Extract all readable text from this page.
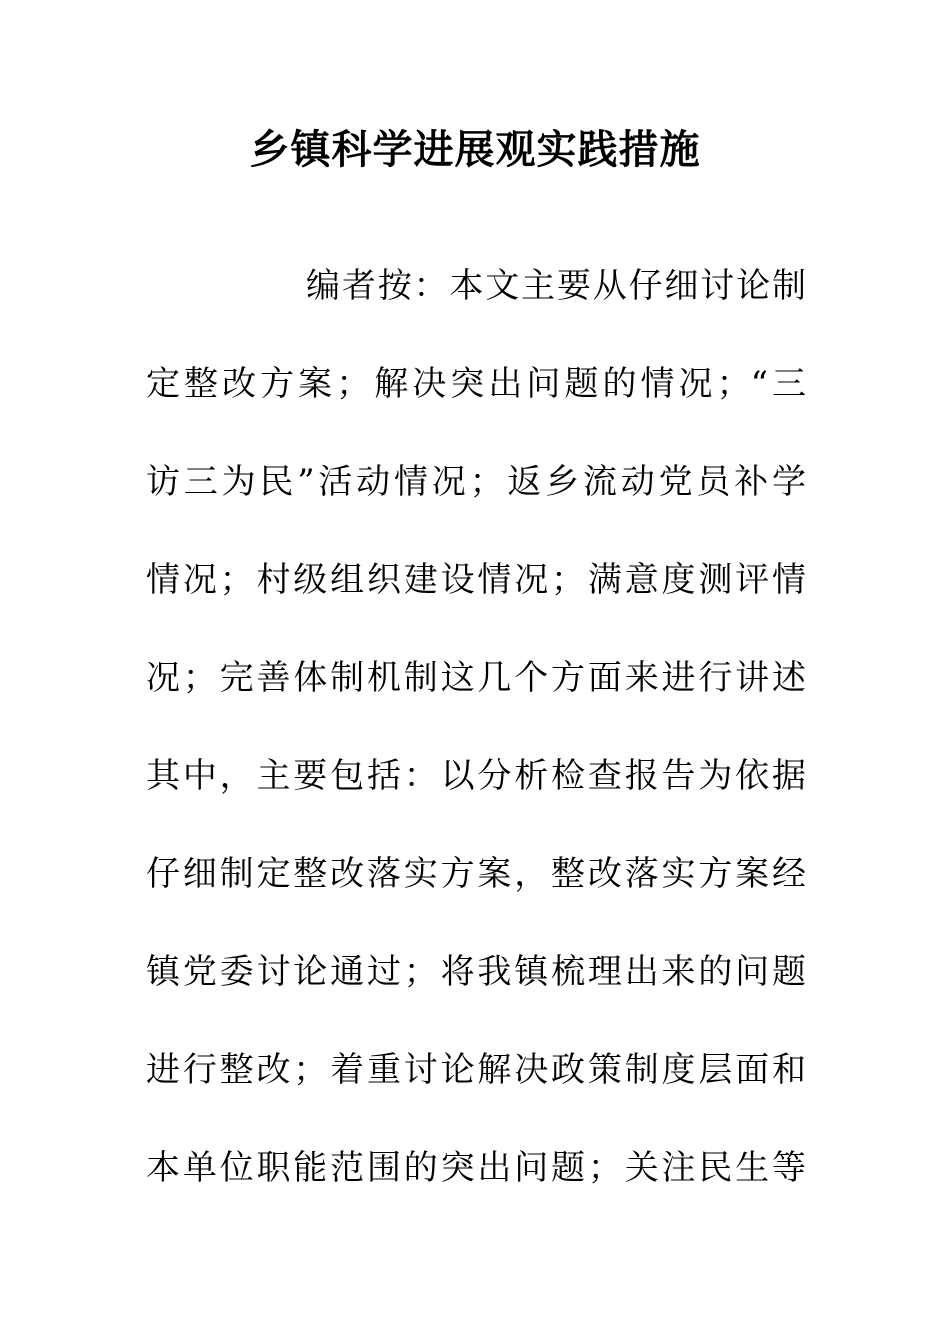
乡镇科学进展观实践措施

编者按：本文主要从仔细讨论制

定整改方案；解决突出问题的情况；“三

访三为民”活动情况；返乡流动党员补学

情况；村级组织建设情况；满意度测评情

况；完善体制机制这几个方面来进行讲述

其中，主要包括：以分析检查报告为依据

仔细制定整改落实方案，整改落实方案经

镇党委讨论通过；将我镇梳理出来的问题

进行整改；着重讨论解决政策制度层面和

本单位职能范围的突出问题；关注民生等
